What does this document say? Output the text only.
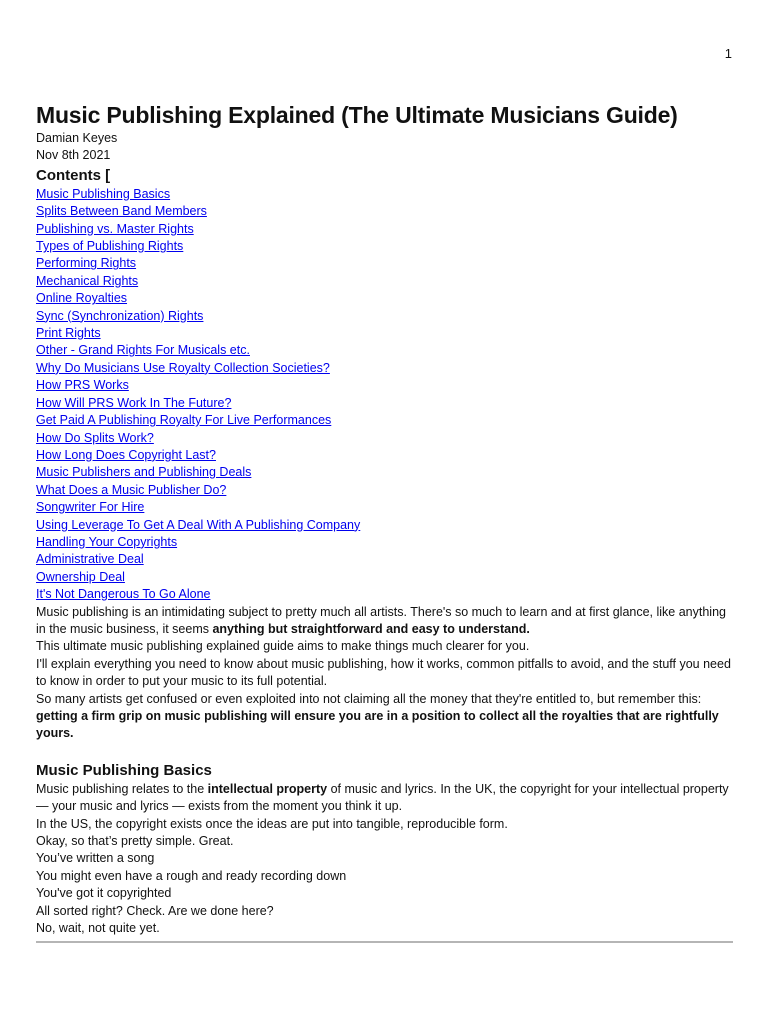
1
Music Publishing Explained (The Ultimate Musicians Guide)
Damian Keyes
Nov 8th 2021
Contents [
Music Publishing Basics
Splits Between Band Members
Publishing vs. Master Rights
Types of Publishing Rights
Performing Rights
Mechanical Rights
Online Royalties
Sync (Synchronization) Rights
Print Rights
Other - Grand Rights For Musicals etc.
Why Do Musicians Use Royalty Collection Societies?
How PRS Works
How Will PRS Work In The Future?
Get Paid A Publishing Royalty For Live Performances
How Do Splits Work?
How Long Does Copyright Last?
Music Publishers and Publishing Deals
What Does a Music Publisher Do?
Songwriter For Hire
Using Leverage To Get A Deal With A Publishing Company
Handling Your Copyrights
Administrative Deal
Ownership Deal
It's Not Dangerous To Go Alone

Music publishing is an intimidating subject to pretty much all artists. There's so much to learn and at first glance, like anything in the music business, it seems anything but straightforward and easy to understand.

This ultimate music publishing explained guide aims to make things much clearer for you.

I'll explain everything you need to know about music publishing, how it works, common pitfalls to avoid, and the stuff you need to know in order to put your music to its full potential.

So many artists get confused or even exploited into not claiming all the money that they're entitled to, but remember this:

getting a firm grip on music publishing will ensure you are in a position to collect all the royalties that are rightfully yours.

Music Publishing Basics

Music publishing relates to the intellectual property of music and lyrics. In the UK, the copyright for your intellectual property — your music and lyrics — exists from the moment you think it up.

In the US, the copyright exists once the ideas are put into tangible, reproducible form.

Okay, so that’s pretty simple. Great.

You’ve written a song

You might even have a rough and ready recording down

You've got it copyrighted

All sorted right? Check. Are we done here?

No, wait, not quite yet.
